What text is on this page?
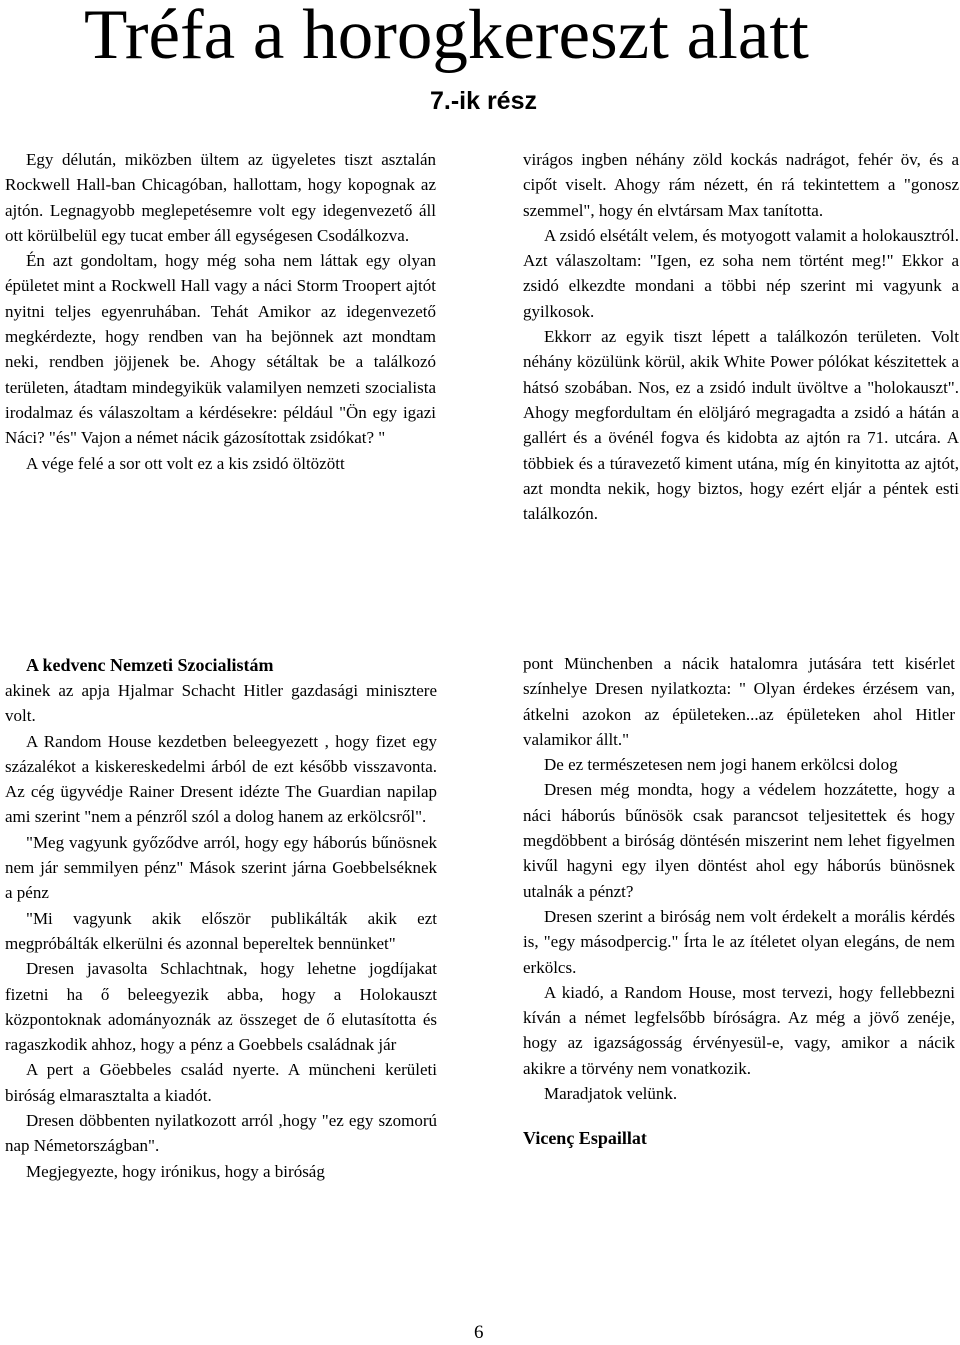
Tréfa a horogkereszt alatt
7.-ik rész

Egy délután, miközben ültem az ügyeletes tiszt asztalán Rockwell Hall-ban Chicagóban, hallottam, hogy kopognak az ajtón. Legnagyobb meglepetésemre volt egy idegenvezető áll ott körülbelül egy tucat ember áll egységesen Csodálkozva.

Én azt gondoltam, hogy még soha nem láttak egy olyan épületet mint a Rockwell Hall vagy a náci Storm Troopert ajtót nyitni teljes egyenruhában. Tehát Amikor az idegenvezető megkérdezte, hogy rendben van ha bejönnek azt mondtam neki, rendben jöjjenek be. Ahogy sétáltak be a találkozó területen, átadtam mindegyikük valamilyen nemzeti szocialista irodalmaz és válaszoltam a kérdésekre: például "Ön egy igazi Náci? "és" Vajon a német nácik gázosítottak zsidókat? "

A vége felé a sor ott volt ez a kis zsidó öltözött

virágos ingben néhány zöld kockás nadrágot, fehér öv, és a cipőt viselt. Ahogy rám nézett, én rá tekintettem a "gonosz szemmel", hogy én elvtársam Max tanította.

A zsidó elsétált velem, és motyogott valamit a holokausztról. Azt válaszoltam: "Igen, ez soha nem történt meg!" Ekkor a zsidó elkezdte mondani a többi nép szerint mi vagyunk a gyilkosok.

Ekkorr az egyik tiszt lépett a találkozón területen. Volt néhány közülünk körül, akik White Power pólókat készitettek a hátsó szobában. Nos, ez a zsidó indult üvöltve a "holokauszt". Ahogy megfordultam én elöljáró megragadta a zsidó a hátán a gallért és a övénél fogva és kidobta az ajtón ra 71. utcára. A többiek és a túravezető kiment utána, míg én kinyitotta az ajtót, azt mondta nekik, hogy biztos, hogy ezért eljár a péntek esti találkozón.

A kedvenc Nemzeti Szocialistám

akinek az apja Hjalmar Schacht Hitler gazdasági minisztere volt.

A Random House kezdetben beleegyezett , hogy fizet egy százalékot a kiskereskedelmi árból de ezt később visszavonta. Az cég ügyvédje Rainer Dresent idézte The Guardian napilap ami szerint "nem a pénzről szól a dolog hanem az erkölcsről".

"Meg vagyunk győződve arról, hogy egy háborús bűnösnek nem jár semmilyen pénz" Mások szerint járna Goebbelséknek a pénz

"Mi vagyunk akik először publikálták akik ezt megpróbálták elkerülni és azonnal bepereltek bennünket"

Dresen javasolta Schlachtnak, hogy lehetne jogdíjakat fizetni ha ő beleegyezik abba, hogy a Holokauszt központoknak adományoznák az összeget de ő elutasította és ragaszkodik ahhoz, hogy a pénz a Goebbels családnak jár

A pert a Göebbeles család nyerte. A müncheni kerületi biróság elmarasztalta a kiadót.

Dresen döbbenten nyilatkozott arról ,hogy "ez egy szomorú nap Németországban".

Megjegyezte, hogy irónikus, hogy a biróság

pont Münchenben a nácik hatalomra jutására tett kisérlet színhelye Dresen nyilatkozta: " Olyan érdekes érzésem van, átkelni azokon az épületeken...az épületeken ahol Hitler valamikor állt."

De ez természetesen nem jogi hanem erkölcsi dolog

Dresen még mondta, hogy a védelem hozzátette, hogy a náci háborús bűnösök csak parancsot teljesitettek és hogy megdöbbent a biróság döntésén miszerint nem lehet figyelmen kivűl hagyni egy ilyen döntést ahol egy háborús bünösnek utalnák a pénzt?

Dresen szerint a biróság nem volt érdekelt a morális kérdés is, "egy másodpercig." Írta le az ítéletet olyan elegáns, de nem erkölcs.

A kiadó, a Random House, most tervezi, hogy fellebbezni kíván a német legfelsőbb bíróságra. Az még a jövő zenéje, hogy az igazságosság érvényesül-e, vagy, amikor a nácik akikre a törvény nem vonatkozik.

Maradjatok velünk.

Vicenç Espaillat

6
